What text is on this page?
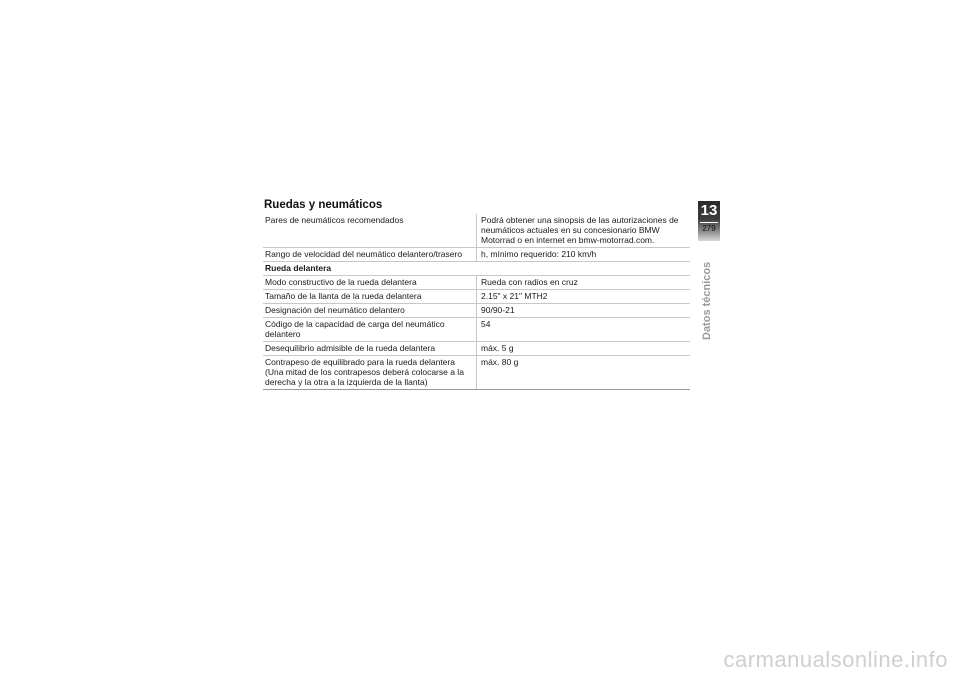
Ruedas y neumáticos
Pares de neumáticos recomendados	Podrá obtener una sinopsis de las autorizaciones de neumáticos actuales en su concesionario BMW Motorrad o en internet en bmw-motorrad.com.
Rango de velocidad del neumático delantero/trasero	h, mínimo requerido: 210 km/h
Rueda delantera	
Modo constructivo de la rueda delantera	Rueda con radios en cruz
Tamaño de la llanta de la rueda delantera	2.15" x 21" MTH2
Designación del neumático delantero	90/90-21
Código de la capacidad de carga del neumático delantero	54
Desequilibrio admisible de la rueda delantera	máx. 5 g
Contrapeso de equilibrado para la rueda delantera (Una mitad de los contrapesos deberá colocarse a la derecha y la otra a la izquierda de la llanta)	máx. 80 g
13
279
Datos técnicos
carmanualsonline.info
